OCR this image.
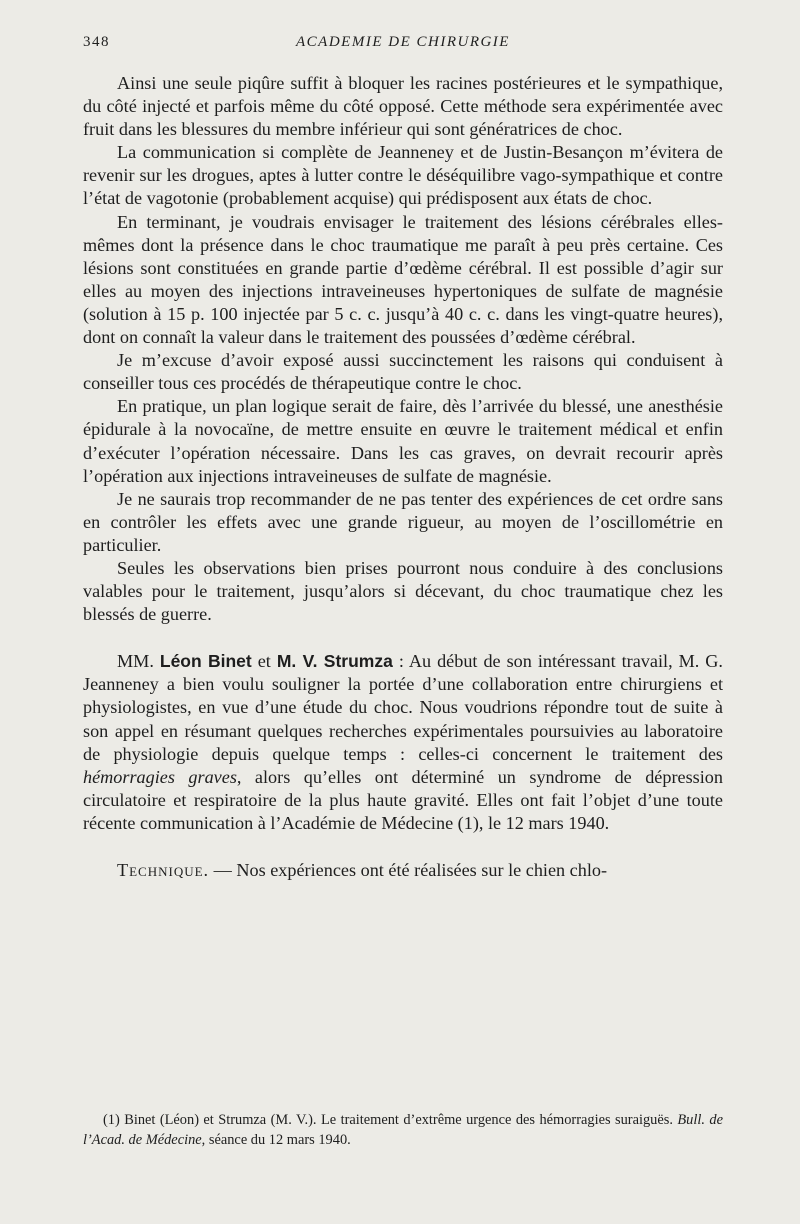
348	ACADEMIE DE CHIRURGIE

Ainsi une seule piqûre suffit à bloquer les racines postérieures et le sympathique, du côté injecté et parfois même du côté opposé. Cette méthode sera expérimentée avec fruit dans les blessures du membre inférieur qui sont génératrices de choc.

La communication si complète de Jeanneney et de Justin-Besançon m’évitera de revenir sur les drogues, aptes à lutter contre le déséquilibre vago-sympathique et contre l’état de vagotonie (probablement acquise) qui prédisposent aux états de choc.

En terminant, je voudrais envisager le traitement des lésions cérébrales elles-mêmes dont la présence dans le choc traumatique me paraît à peu près certaine. Ces lésions sont constituées en grande partie d’œdème cérébral. Il est possible d’agir sur elles au moyen des injections intraveineuses hypertoniques de sulfate de magnésie (solution à 15 p. 100 injectée par 5 c. c. jusqu’à 40 c. c. dans les vingt-quatre heures), dont on connaît la valeur dans le traitement des poussées d’œdème cérébral.

Je m’excuse d’avoir exposé aussi succinctement les raisons qui conduisent à conseiller tous ces procédés de thérapeutique contre le choc.

En pratique, un plan logique serait de faire, dès l’arrivée du blessé, une anesthésie épidurale à la novocaïne, de mettre ensuite en œuvre le traitement médical et enfin d’exécuter l’opération nécessaire. Dans les cas graves, on devrait recourir après l’opération aux injections intraveineuses de sulfate de magnésie.

Je ne saurais trop recommander de ne pas tenter des expériences de cet ordre sans en contrôler les effets avec une grande rigueur, au moyen de l’oscillométrie en particulier.

Seules les observations bien prises pourront nous conduire à des conclusions valables pour le traitement, jusqu’alors si décevant, du choc traumatique chez les blessés de guerre.

MM. Léon Binet et M. V. Strumza : Au début de son intéressant travail, M. G. Jeanneney a bien voulu souligner la portée d’une collaboration entre chirurgiens et physiologistes, en vue d’une étude du choc. Nous voudrions répondre tout de suite à son appel en résumant quelques recherches expérimentales poursuivies au laboratoire de physiologie depuis quelque temps : celles-ci concernent le traitement des hémorragies graves, alors qu’elles ont déterminé un syndrome de dépression circulatoire et respiratoire de la plus haute gravité. Elles ont fait l’objet d’une toute récente communication à l’Académie de Médecine (1), le 12 mars 1940.

Technique. — Nos expériences ont été réalisées sur le chien chlo-

(1) Binet (Léon) et Strumza (M. V.). Le traitement d’extrême urgence des hémorragies suraiguës. Bull. de l’Acad. de Médecine, séance du 12 mars 1940.
